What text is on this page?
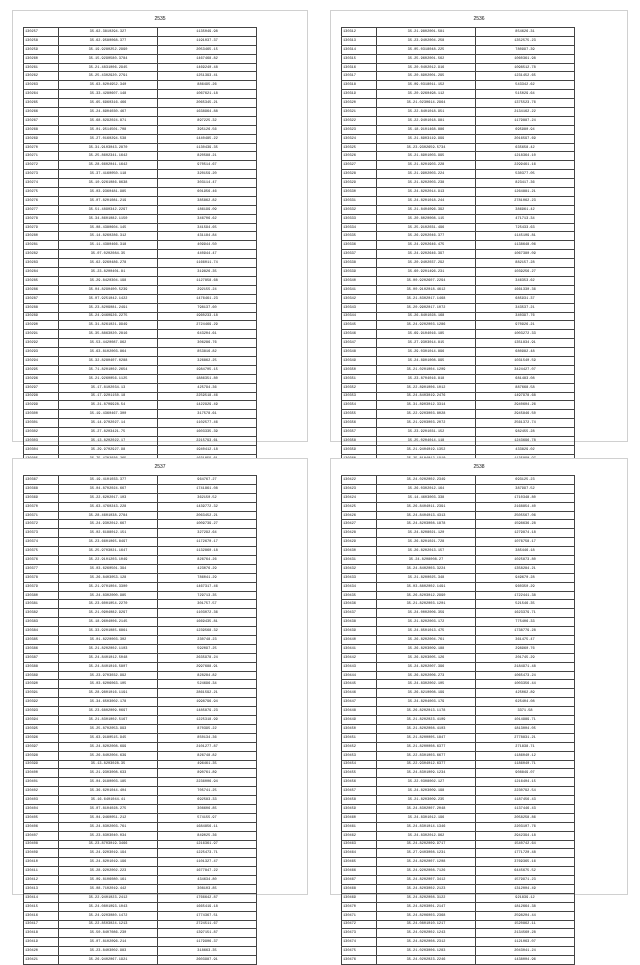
2535
130257	35.62.3810294.327	1135049.98
130258	35.62.9580068.377	1191037.37
130259	35.19.9280252.2990	2053465.15
130260	35.15.9290580.3784	1467468.82
130261	35.21.4831006.2945	1469240.48
130262	35.25.4302920.2791	1251393.41
130263	35.63.8204952.340	886495.26
130264	35.33.4280607.148	1067621.18
130265	35.65.6960316.466	2065345.21
130266	35.24.8904030.467	1638964.88
130267	35.68.8292024.871	897225.32
130268	35.01.9514501.708	395126.56
130269	35.27.0160294.538	1440485.22
130270	35.31.9103043.2870	1130439.35
130271	35.25.8602341.1642	820588.21
130272	35.28.6602041.1642	970514.67
130273	35.37.4160050.118	320159.20
130274	35.10.9261086.8638	303114.47
130275	35.03.9360481.985	601956.46
130276	35.07.8201081.219	385862.82
130277	35.51.4890342.2297	186199.09
130278	35.34.8601082.1150	346706.62
130279	35.08.4380604.145	341594.65
130280	35.14.8260286.312	431184.84
130281	35.11.4380466.318	409944.50
130282	35.07.0202084.35	440944.47
130283	35.62.9260486.278	1166011.74
130284	35.23.8200401.81	319826.35
130285	35.29.8420304.198	1127858.68
130286	35.04.8290400.5239	292155.24
130287	35.07.9251042.1422	1476461.23
130288	35.23.8209081.2491	798137.60
130289	35.24.9460926.2275	1960233.18
130290	35.31.8261021.9949	2724469.29
130291	35.35.8863020.2816	643204.61
130292	35.53.4420087.962	306286.76
130293	35.63.8102003.864	853816.82
130294	35.32.8280407.0288	326862.25
130295	35.71.8201002.2654	1984705.15
130296	35.21.9260056.1125	1886351.80
130297	35.17.8102034.13	425794.36
130298	35.17.9201150.18	2259518.46
130299	35.21.8709928.54	1422929.49
130300	35.19.4360467.300	317578.61
130301	35.14.9702027.14	1102577.46
130302	35.27.8203421.75	1603335.39
130303	35.13.8202022.17	2215793.61
130304	35.29.9702927.98	1940412.18

2536
130312	35.21.9802001.581	854626.31
130313	35.23.9402004.258	1352575.23
130314	35.05.0318048.225	780997.39
130315	35.25.9602001.562	1060361.98
130316	35.20.0402012.916	1098512.78
130317	35.20.8902001.295	1231452.65
130318	35.09.0318011.152	543342.62
130319	35.20.9260498.112	515029.64
130320	35.21.0230614.2964	1375523.76
130321	35.22.8401018.951	2134162.22
130322	35.22.9401018.981	1179887.24
130323	35.18.9101468.886	695980.94
130324	35.21.8903119.999	2016597.69
130325	35.23.9302659.5734	635658.42
130326	35.21.8901003.995	1218364.10
130327	35.21.8201903.228	2299461.16
130328	35.21.9902003.224	530377.05
130329	35.21.8202003.238	823417.36
130330	35.24.8202014.913	1264881.21
130331	35.24.8201018.244	2781062.23
130332	35.21.8404096.392	386961.42
130333	35.20.8020008.115	471713.34
130334	35.25.9102031.496	725433.63
130335	35.26.9202046.377	1145109.81
130336	35.24.9202646.475	1138648.06
130337	35.24.9202646.397	1067380.09
130338	35.20.9402037.292	882157.28
130339	35.60.9201496.231	1039256.27
130340	35.00.9202607.2294	346353.62
130341	35.00.9102018.4612	1661330.36
130342	35.21.8302017.1468	685931.37
130343	35.20.9902017.1072	343537.21
130344	35.26.8401028.168	340397.76
130345	35.24.9202003.1286	970926.21
130346	35.69.9104016.185	1003272.33
130347	35.27.9303014.815	1351834.91
130348	35.29.0301014.896	680982.48
130349	35.24.8901008.995	1031540.59
130350	35.21.0201004.1209	3424427.07
130351	35.23.8704016.818	681483.08
130352	35.22.8901006.1012	887668.58
130353	35.24.8403019.2476	1497978.68
130354	35.31.8903012.3314	2940604.26
130355	35.22.9203003.8028	2945846.50
130356	35.21.9203003.2072	2561372.74
130357	35.23.9201031.152	982455.28
130358	35.25.0204014.118	1243696.78
130359	35.21.9404019.1352	433829.02

2537
130367	35.19.4101033.377	964767.27
130368	35.04.8702024.667	1741861.08
130369	35.22.6202017.103	362150.52
130370	35.63.4760243.228	1439772.32
130371	35.28.4601038.2784	2063452.21
130372	35.24.9302012.667	1009739.27
130373	35.02.6188012.151	327292.64
130374	35.23.6601065.8497	1172670.17
130375	35.25.9703021.1647	1132860.18
130376	35.22.9101203.1049	826764.26
130377	35.03.6260501.394	423076.29
130378	35.26.8403053.128	786041.29
130379	35.21.9701004.3300	1467317.46
130380	35.24.8302000.985	729713.35
130381	35.23.6001054.2270	301757.57
130382	35.21.0904082.9297	1103072.36
130383	35.18.9604006.2145	1669435.81
130384	35.33.9201085.6861	1239568.32
130385	35.01.8220003.302	230748.23
130386	35.21.8202002.1103	592097.25
130387	35.24.8401012.5048	2635978.24
130388	35.24.8401016.5807	2997688.91
130389	35.23.9703032.992	828284.82
130390	35.03.6206063.105	524696.34
130391	35.28.9801016.1191	2861592.21
130392	35.34.6503002.178	1998796.94
130393	35.23.6802009.0697	1485879.23
130394	35.21.8301002.5167	1225318.99
130395	35.25.8702053.993	870395.22
130396	35.63.9180515.945	850134.36
130397	35.24.8202008.699	2101277.87
130398	35.26.8402004.639	826748.82
130399	35.13.8203028.35	496461.35
130400	35.21.9303008.633	890761.89
130401	35.04.9180003.185	2236006.94
130402	35.36.6201044.404	705741.25
130403	35.16.6401044.41	692583.33
130404	35.07.8104028.275	308606.85
130405	35.04.9460051.212	574155.97
130406	35.24.8302003.761	1684856.11
130407	35.23.8303040.034	849025.36
130408	35.23.8703019.3466	1216361.97
130409	35.24.9203019.194	1225473.71
130410	35.24.8201019.196	1101327.47
130411	35.28.9202002.223	1677847.22
130412	35.09.8106080.161	434634.80
130413	35.08.7102019.442	308103.85
130414	35.22.9401023.2412	1766642.87
130415	35.24.0801093.1043	1665419.18
130416	35.24.9203080.1472	1774367.51
130417	35.22.8503024.1213	2724511.67
130418	35.50.8407086.230	1397151.87
130419	35.07.8102096.214	1179906.37
130420	35.23.8403002.983	318663.35
130421	35.26.9402067.1921	2603987.91
2538
130422	35.24.0202002.2349	693125.23
130423	35.26.0302012.164	387997.52
130424	35.14.4603003.338	1710348.80
130425	35.26.8404011.2391	2168854.40
130426	35.24.8404013.4313	2505567.06
130427	35.24.8203008.1878	1598636.28
130428	35.24.8208021.120	1279874.18
130429	35.26.8201021.728	1076758.17
130430	35.26.8202013.157	385446.18
130431	35.24.8208008.27	1025873.80
130432	35.24.8402003.3224	1358284.21
130433	35.21.8200025.348	949670.28
130434	35.03.8802002.1491	960350.29
130435	35.26.8203012.2990	1722441.38
130436	35.21.8202003.1201	521546.35
130437	35.24.0002006.359	1623379.71
130438	35.21.8202003.172	775406.33
130439	35.24.8501013.475	1738779.28
130440	35.26.8202004.761	361475.47
130441	35.26.8203009.188	298960.76
130442	35.26.8203005.126	201745.29
130443	35.24.8202007.396	2184971.48
130444	35.26.8202006.273	1065473.24
130445	35.24.8302002.105	1003356.44
130446	35.26.8210008.199	425062.89
130447	35.24.8204003.179	625404.08
130448	35.26.8202013.1178	3371.58
130449	35.21.8202023.4109	1014989.71
130450	35.21.8202008.4103	1813004.05
130451	35.21.8200005.1847	2778831.21
130452	35.21.8200008.6377	271838.71
130453	35.22.8301003.6677	1186040.12
130454	35.22.9304012.6377	1186040.71
130455	35.24.8301009.1234	908849.07
130456	35.22.0308002.127	1216404.15
130457	35.24.8203009.198	2230792.54
130458	35.21.8203009.235	1187456.43
130459	35.24.8302007.2048	1137446.43
130460	35.24.8301012.196	2058258.86
130461	35.24.8301014.1346	2203107.76
130462	35.24.8302012.962	2942394.18
130463	35.24.8202009.9717	1540742.64
130464	35.27.9403008.1231	1771720.48
130465	35.24.8202007.1208	3769365.16
130466	35.24.9202008.7126	6445675.52
130467	35.24.8202007.3412	1579971.23
130468	35.24.8203002.2123	1312004.49
130469	35.24.8202008.3122	921839.12
130470	35.24.8203001.2147	1812664.38
130471	35.24.8206003.2368	2598204.44
130472	35.24.0801010.1217	1520862.11
130473	35.24.0202002.1243	2134560.28
130474	35.24.8202008.2312	1121063.07
130475	35.21.0203006.1283	2043041.24
130476	35.24.0202023.2246	1438004.96
